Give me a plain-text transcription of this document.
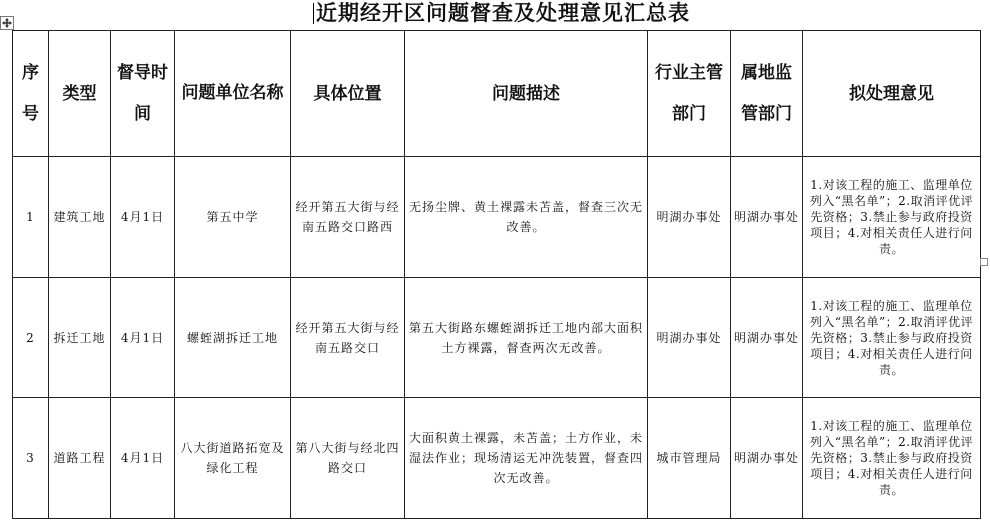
近期经开区问题督查及处理意见汇总表
序号	类型	督导时间	问题单位名称	具体位置	问题描述	行业主管部门	属地监管部门	拟处理意见
1	建筑工地	4月1日	第五中学	经开第五大街与经南五路交口路西	无扬尘牌、黄土裸露未苫盖，督查三次无改善。	明湖办事处	明湖办事处	1.对该工程的施工、监理单位列入“黑名单”；2.取消评优评先资格；3.禁止参与政府投资项目；4.对相关责任人进行问责。
2	拆迁工地	4月1日	螺蛭湖拆迁工地	经开第五大街与经南五路交口	第五大街路东螺蛭湖拆迁工地内部大面积土方裸露，督查两次无改善。	明湖办事处	明湖办事处	1.对该工程的施工、监理单位列入“黑名单”；2.取消评优评先资格；3.禁止参与政府投资项目；4.对相关责任人进行问责。
3	道路工程	4月1日	八大街道路拓宽及绿化工程	第八大街与经北四路交口	大面积黄土裸露，未苫盖；土方作业，未湿法作业；现场清运无冲洗装置，督查四次无改善。	城市管理局	明湖办事处	1.对该工程的施工、监理单位列入“黑名单”；2.取消评优评先资格；3.禁止参与政府投资项目；4.对相关责任人进行问责。
